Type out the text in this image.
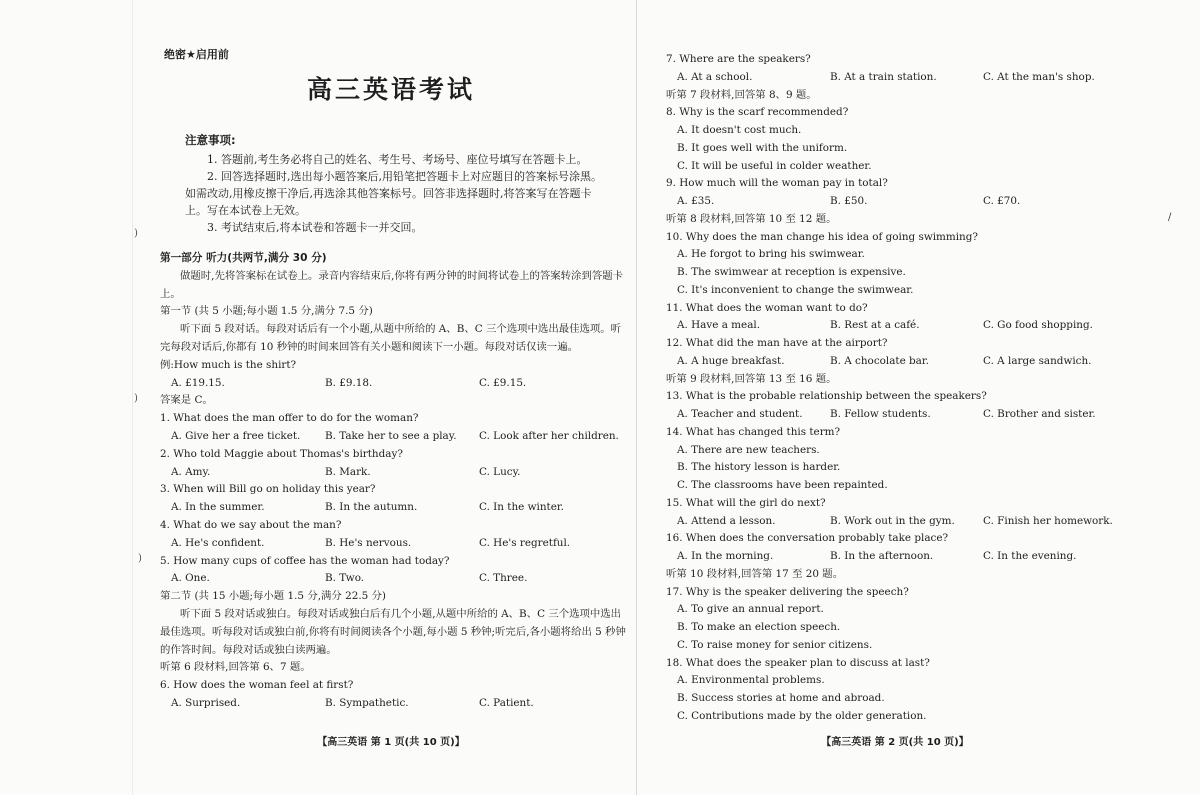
绝密★启用前
高三英语考试
注意事项:
1. 答题前,考生务必将自己的姓名、考生号、考场号、座位号填写在答题卡上。
2. 回答选择题时,选出每小题答案后,用铅笔把答题卡上对应题目的答案标号涂黑。如需改动,用橡皮擦干净后,再选涂其他答案标号。回答非选择题时,将答案写在答题卡上。写在本试卷上无效。
3. 考试结束后,将本试卷和答题卡一并交回。
第一部分 听力(共两节,满分 30 分)
做题时,先将答案标在试卷上。录音内容结束后,你将有两分钟的时间将试卷上的答案转涂到答题卡上。
第一节 (共 5 小题;每小题 1.5 分,满分 7.5 分)
听下面 5 段对话。每段对话后有一个小题,从题中所给的 A、B、C 三个选项中选出最佳选项。听完每段对话后,你都有 10 秒钟的时间来回答有关小题和阅读下一小题。每段对话仅读一遍。
例:How much is the shirt?
A. £19.15.	B. £9.18.	C. £9.15.
答案是 C。
1. What does the man offer to do for the woman?
A. Give her a free ticket.	B. Take her to see a play.	C. Look after her children.
2. Who told Maggie about Thomas's birthday?
A. Amy.	B. Mark.	C. Lucy.
3. When will Bill go on holiday this year?
A. In the summer.	B. In the autumn.	C. In the winter.
4. What do we say about the man?
A. He's confident.	B. He's nervous.	C. He's regretful.
5. How many cups of coffee has the woman had today?
A. One.	B. Two.	C. Three.
第二节 (共 15 小题;每小题 1.5 分,满分 22.5 分)
听下面 5 段对话或独白。每段对话或独白后有几个小题,从题中所给的 A、B、C 三个选项中选出最佳选项。听每段对话或独白前,你将有时间阅读各个小题,每小题 5 秒钟;听完后,各小题将给出 5 秒钟的作答时间。每段对话或独白读两遍。
听第 6 段材料,回答第 6、7 题。
6. How does the woman feel at first?
A. Surprised.	B. Sympathetic.	C. Patient.
【高三英语 第 1 页(共 10 页)】
7. Where are the speakers?
A. At a school.	B. At a train station.	C. At the man's shop.
听第 7 段材料,回答第 8、9 题。
8. Why is the scarf recommended?
A. It doesn't cost much.
B. It goes well with the uniform.
C. It will be useful in colder weather.
9. How much will the woman pay in total?
A. £35.	B. £50.	C. £70.
听第 8 段材料,回答第 10 至 12 题。
10. Why does the man change his idea of going swimming?
A. He forgot to bring his swimwear.
B. The swimwear at reception is expensive.
C. It's inconvenient to change the swimwear.
11. What does the woman want to do?
A. Have a meal.	B. Rest at a café.	C. Go food shopping.
12. What did the man have at the airport?
A. A huge breakfast.	B. A chocolate bar.	C. A large sandwich.
听第 9 段材料,回答第 13 至 16 题。
13. What is the probable relationship between the speakers?
A. Teacher and student.	B. Fellow students.	C. Brother and sister.
14. What has changed this term?
A. There are new teachers.
B. The history lesson is harder.
C. The classrooms have been repainted.
15. What will the girl do next?
A. Attend a lesson.	B. Work out in the gym.	C. Finish her homework.
16. When does the conversation probably take place?
A. In the morning.	B. In the afternoon.	C. In the evening.
听第 10 段材料,回答第 17 至 20 题。
17. Why is the speaker delivering the speech?
A. To give an annual report.
B. To make an election speech.
C. To raise money for senior citizens.
18. What does the speaker plan to discuss at last?
A. Environmental problems.
B. Success stories at home and abroad.
C. Contributions made by the older generation.
【高三英语 第 2 页(共 10 页)】
)
)
)
/
